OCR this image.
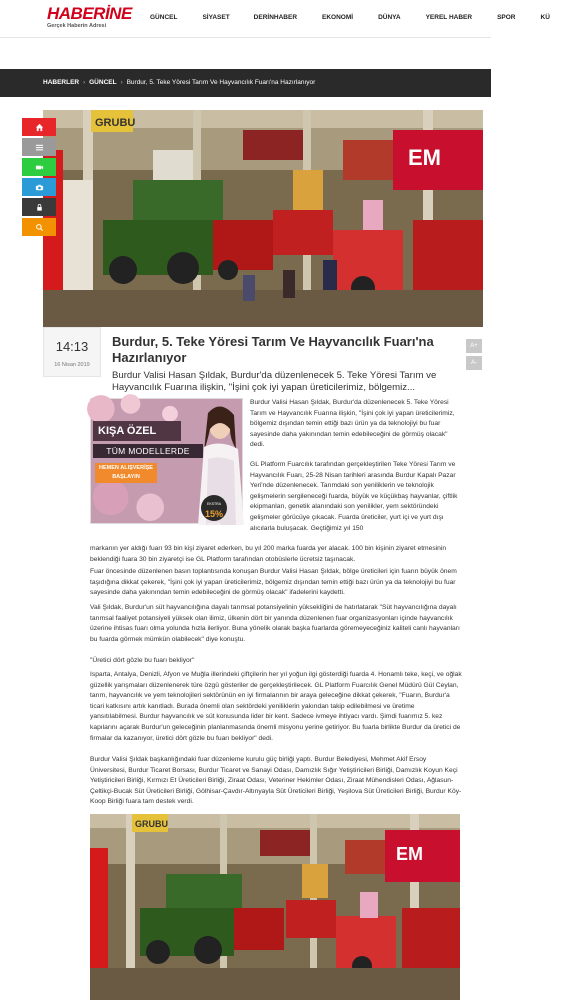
HABERİNE
Gerçek Haberin Adresi
GÜNCEL	SİYASET	DERİNHABER	EKONOMİ	DÜNYA	YEREL HABER	SPOR	KÜ
HABERLER › GÜNCEL › Burdur, 5. Teke Yöresi Tarım Ve Hayvancılık Fuarı'na Hazırlanıyor
GRUBU
EM
14:13
16 Nisan 2019
Burdur, 5. Teke Yöresi Tarım Ve Hayvancılık Fuarı'na
Hazırlanıyor
A+
A-
Burdur Valisi Hasan Şıldak, Burdur'da düzenlenecek 5. Teke Yöresi Tarım ve Hayvancılık Fuarına ilişkin, "İşini çok iyi yapan üreticilerimiz, bölgemiz...
KIŞA ÖZEL
TÜM MODELLERDE
HEMEN ALIŞVERİŞE BAŞLAYIN
EKSTRA
15%
İNDİRİM

Burdur Valisi Hasan Şıldak, Burdur'da düzenlenecek 5. Teke Yöresi Tarım ve Hayvancılık Fuarına ilişkin, "İşini çok iyi yapan üreticilerimiz, bölgemiz dışından temin ettiği bazı ürün ya da teknolojiyi bu fuar sayesinde daha yakınından temin edebileceğini de görmüş olacak" dedi.

GL Platform Fuarcılık tarafından gerçekleştirilen Teke Yöresi Tarım ve Hayvancılık Fuarı, 25-28 Nisan tarihleri arasında Burdur Kapalı Pazar Yeri'nde düzenlenecek. Tarımdaki son yeniliklerin ve teknolojik gelişmelerin sergileneceği fuarda, büyük ve küçükbaş hayvanlar, çiftlik ekipmanları, genetik alanındaki son yenilikler, yem sektöründeki gelişmeler görücüye çıkacak. Fuarda üreticiler, yurt içi ve yurt dışı alıcılarla buluşacak. Geçtiğimiz yıl 150

markanın yer aldığı fuarı 93 bin kişi ziyaret ederken, bu yıl 200 marka fuarda yer alacak. 100 bin kişinin ziyaret etmesinin beklendiği fuara 30 bin ziyaretçi ise GL Platform tarafından otobüslerle ücretsiz taşınacak.

Fuar öncesinde düzenlenen basın toplantısında konuşan Burdur Valisi Hasan Şıldak, bölge üreticileri için fuarın büyük önem taşıdığına dikkat çekerek, "İşini çok iyi yapan üreticilerimiz, bölgemiz dışından temin ettiği bazı ürün ya da teknolojiyi bu fuar sayesinde daha yakınından temin edebileceğini de görmüş olacak" ifadelerini kaydetti.

Vali Şıldak, Burdur'un süt hayvancılığına dayalı tarımsal potansiyelinin yüksekliğini de hatırlatarak "Süt hayvancılığına dayalı tarımsal faaliyet potansiyeli yüksek olan ilimiz, ülkenin dört bir yanında düzenlenen fuar organizasyonları içinde hayvancılık üzerine ihtisas fuarı olma yolunda hızla ilerliyor. Buna yönelik olarak başka fuarlarda göremeyeceğiniz kaliteli canlı hayvanları bu fuarda görmek mümkün olabilecek" diye konuştu.

"Üretici dört gözle bu fuarı bekliyor"

Isparta, Antalya, Denizli, Afyon ve Muğla illerindeki çiftçilerin her yıl yoğun ilgi gösterdiği fuarda 4. Honamlı teke, keçi, ve oğlak güzellik yarışmaları düzenlenerek türe özgü gösteriler de gerçekleştirilecek. GL Platform Fuarcılık Genel Müdürü Gül Ceylan, tarım, hayvancılık ve yem teknolojileri sektörünün en iyi firmalarının bir araya geleceğine dikkat çekerek, "Fuarın, Burdur'a ticari katkısını artık kanıtladı. Burada önemli olan sektördeki yeniliklerin yakından takip edilebilmesi ve üretime yansıtılabilmesi. Burdur hayvancılık ve süt konusunda lider bir kent. Sadece ivmeye ihtiyacı vardı. Şimdi fuarımız 5. kez kapılarını açarak Burdur'un geleceğinin planlanmasında önemli misyonu yerine getiriyor. Bu fuarla birlikte Burdur da üretici de firmalar da kazanıyor, üretici dört gözle bu fuarı bekliyor" dedi.

Burdur Valisi Şıldak başkanlığındaki fuar düzenleme kurulu güç birliği yaptı. Burdur Belediyesi, Mehmet Akif Ersoy Üniversitesi, Burdur Ticaret Borsası, Burdur Ticaret ve Sanayi Odası, Damızlık Sığır Yetiştiricileri Birliği, Damızlık Koyun Keçi Yetiştiricileri Birliği, Kırmızı Et Üreticileri Birliği, Ziraat Odası, Veteriner Hekimler Odası, Ziraat Mühendisleri Odası, Ağlasun-Çeltikçi-Bucak Süt Üreticileri Birliği, Gölhisar-Çavdır-Altınyayla Süt Üreticileri Birliği, Yeşilova Süt Üreticileri Birliği, Burdur Köy-Koop Birliği fuara tam destek verdi.

GRUBU
EM
